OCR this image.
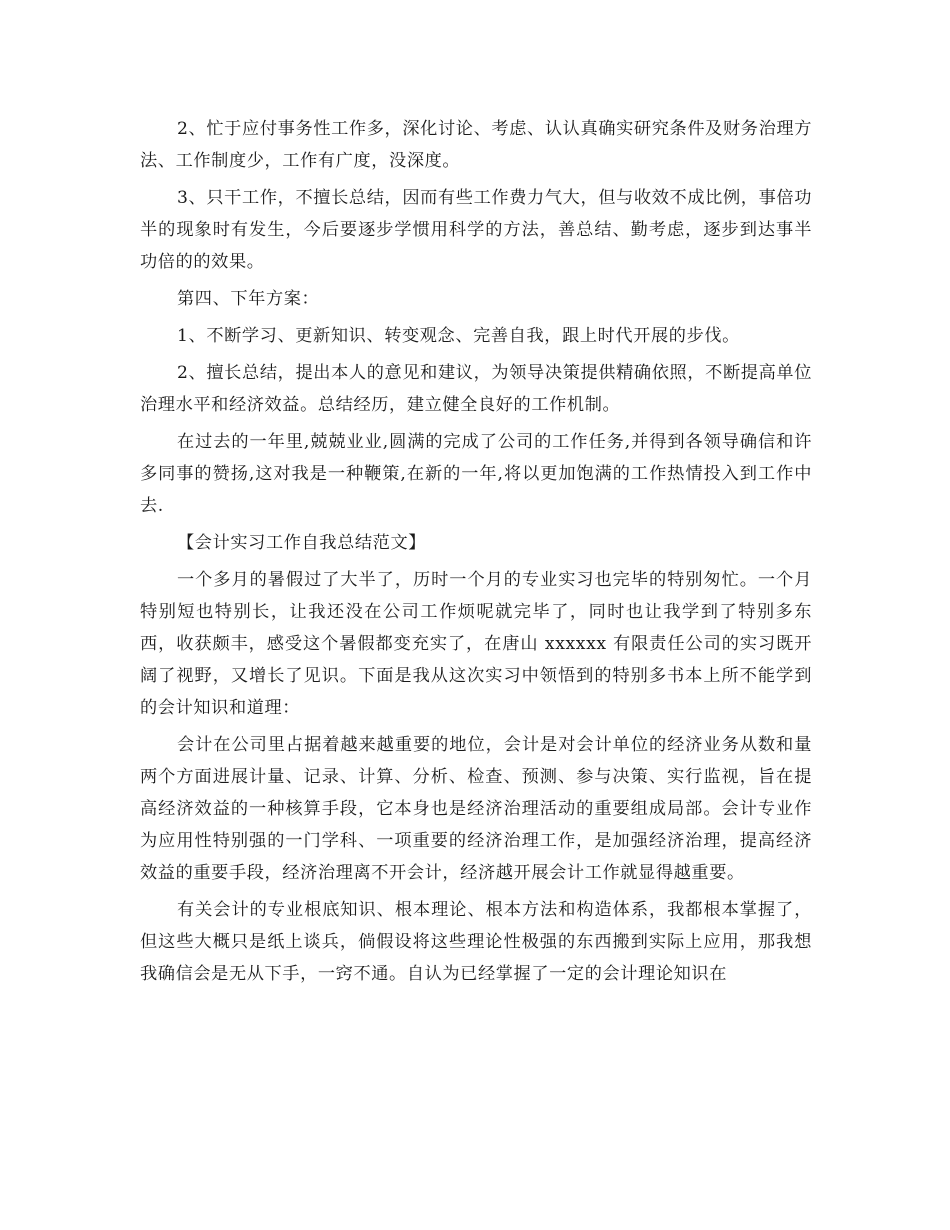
2、忙于应付事务性工作多，深化讨论、考虑、认认真确实研究条件及财务治理方法、工作制度少，工作有广度，没深度。

3、只干工作，不擅长总结，因而有些工作费力气大，但与收效不成比例，事倍功半的现象时有发生，今后要逐步学惯用科学的方法，善总结、勤考虑，逐步到达事半功倍的的效果。

第四、下年方案：

1、不断学习、更新知识、转变观念、完善自我，跟上时代开展的步伐。

2、擅长总结，提出本人的意见和建议，为领导决策提供精确依照，不断提高单位治理水平和经济效益。总结经历，建立健全良好的工作机制。

在过去的一年里,兢兢业业,圆满的完成了公司的工作任务,并得到各领导确信和许多同事的赞扬,这对我是一种鞭策,在新的一年,将以更加饱满的工作热情投入到工作中去.

【会计实习工作自我总结范文】

一个多月的暑假过了大半了，历时一个月的专业实习也完毕的特别匆忙。一个月特别短也特别长，让我还没在公司工作烦呢就完毕了，同时也让我学到了特别多东西，收获颇丰，感受这个暑假都变充实了，在唐山 xxxxxx 有限责任公司的实习既开阔了视野，又增长了见识。下面是我从这次实习中领悟到的特别多书本上所不能学到的会计知识和道理：

会计在公司里占据着越来越重要的地位，会计是对会计单位的经济业务从数和量两个方面进展计量、记录、计算、分析、检查、预测、参与决策、实行监视，旨在提高经济效益的一种核算手段，它本身也是经济治理活动的重要组成局部。会计专业作为应用性特别强的一门学科、一项重要的经济治理工作，是加强经济治理，提高经济效益的重要手段，经济治理离不开会计，经济越开展会计工作就显得越重要。

有关会计的专业根底知识、根本理论、根本方法和构造体系，我都根本掌握了，但这些大概只是纸上谈兵，倘假设将这些理论性极强的东西搬到实际上应用，那我想我确信会是无从下手，一窍不通。自认为已经掌握了一定的会计理论知识在
